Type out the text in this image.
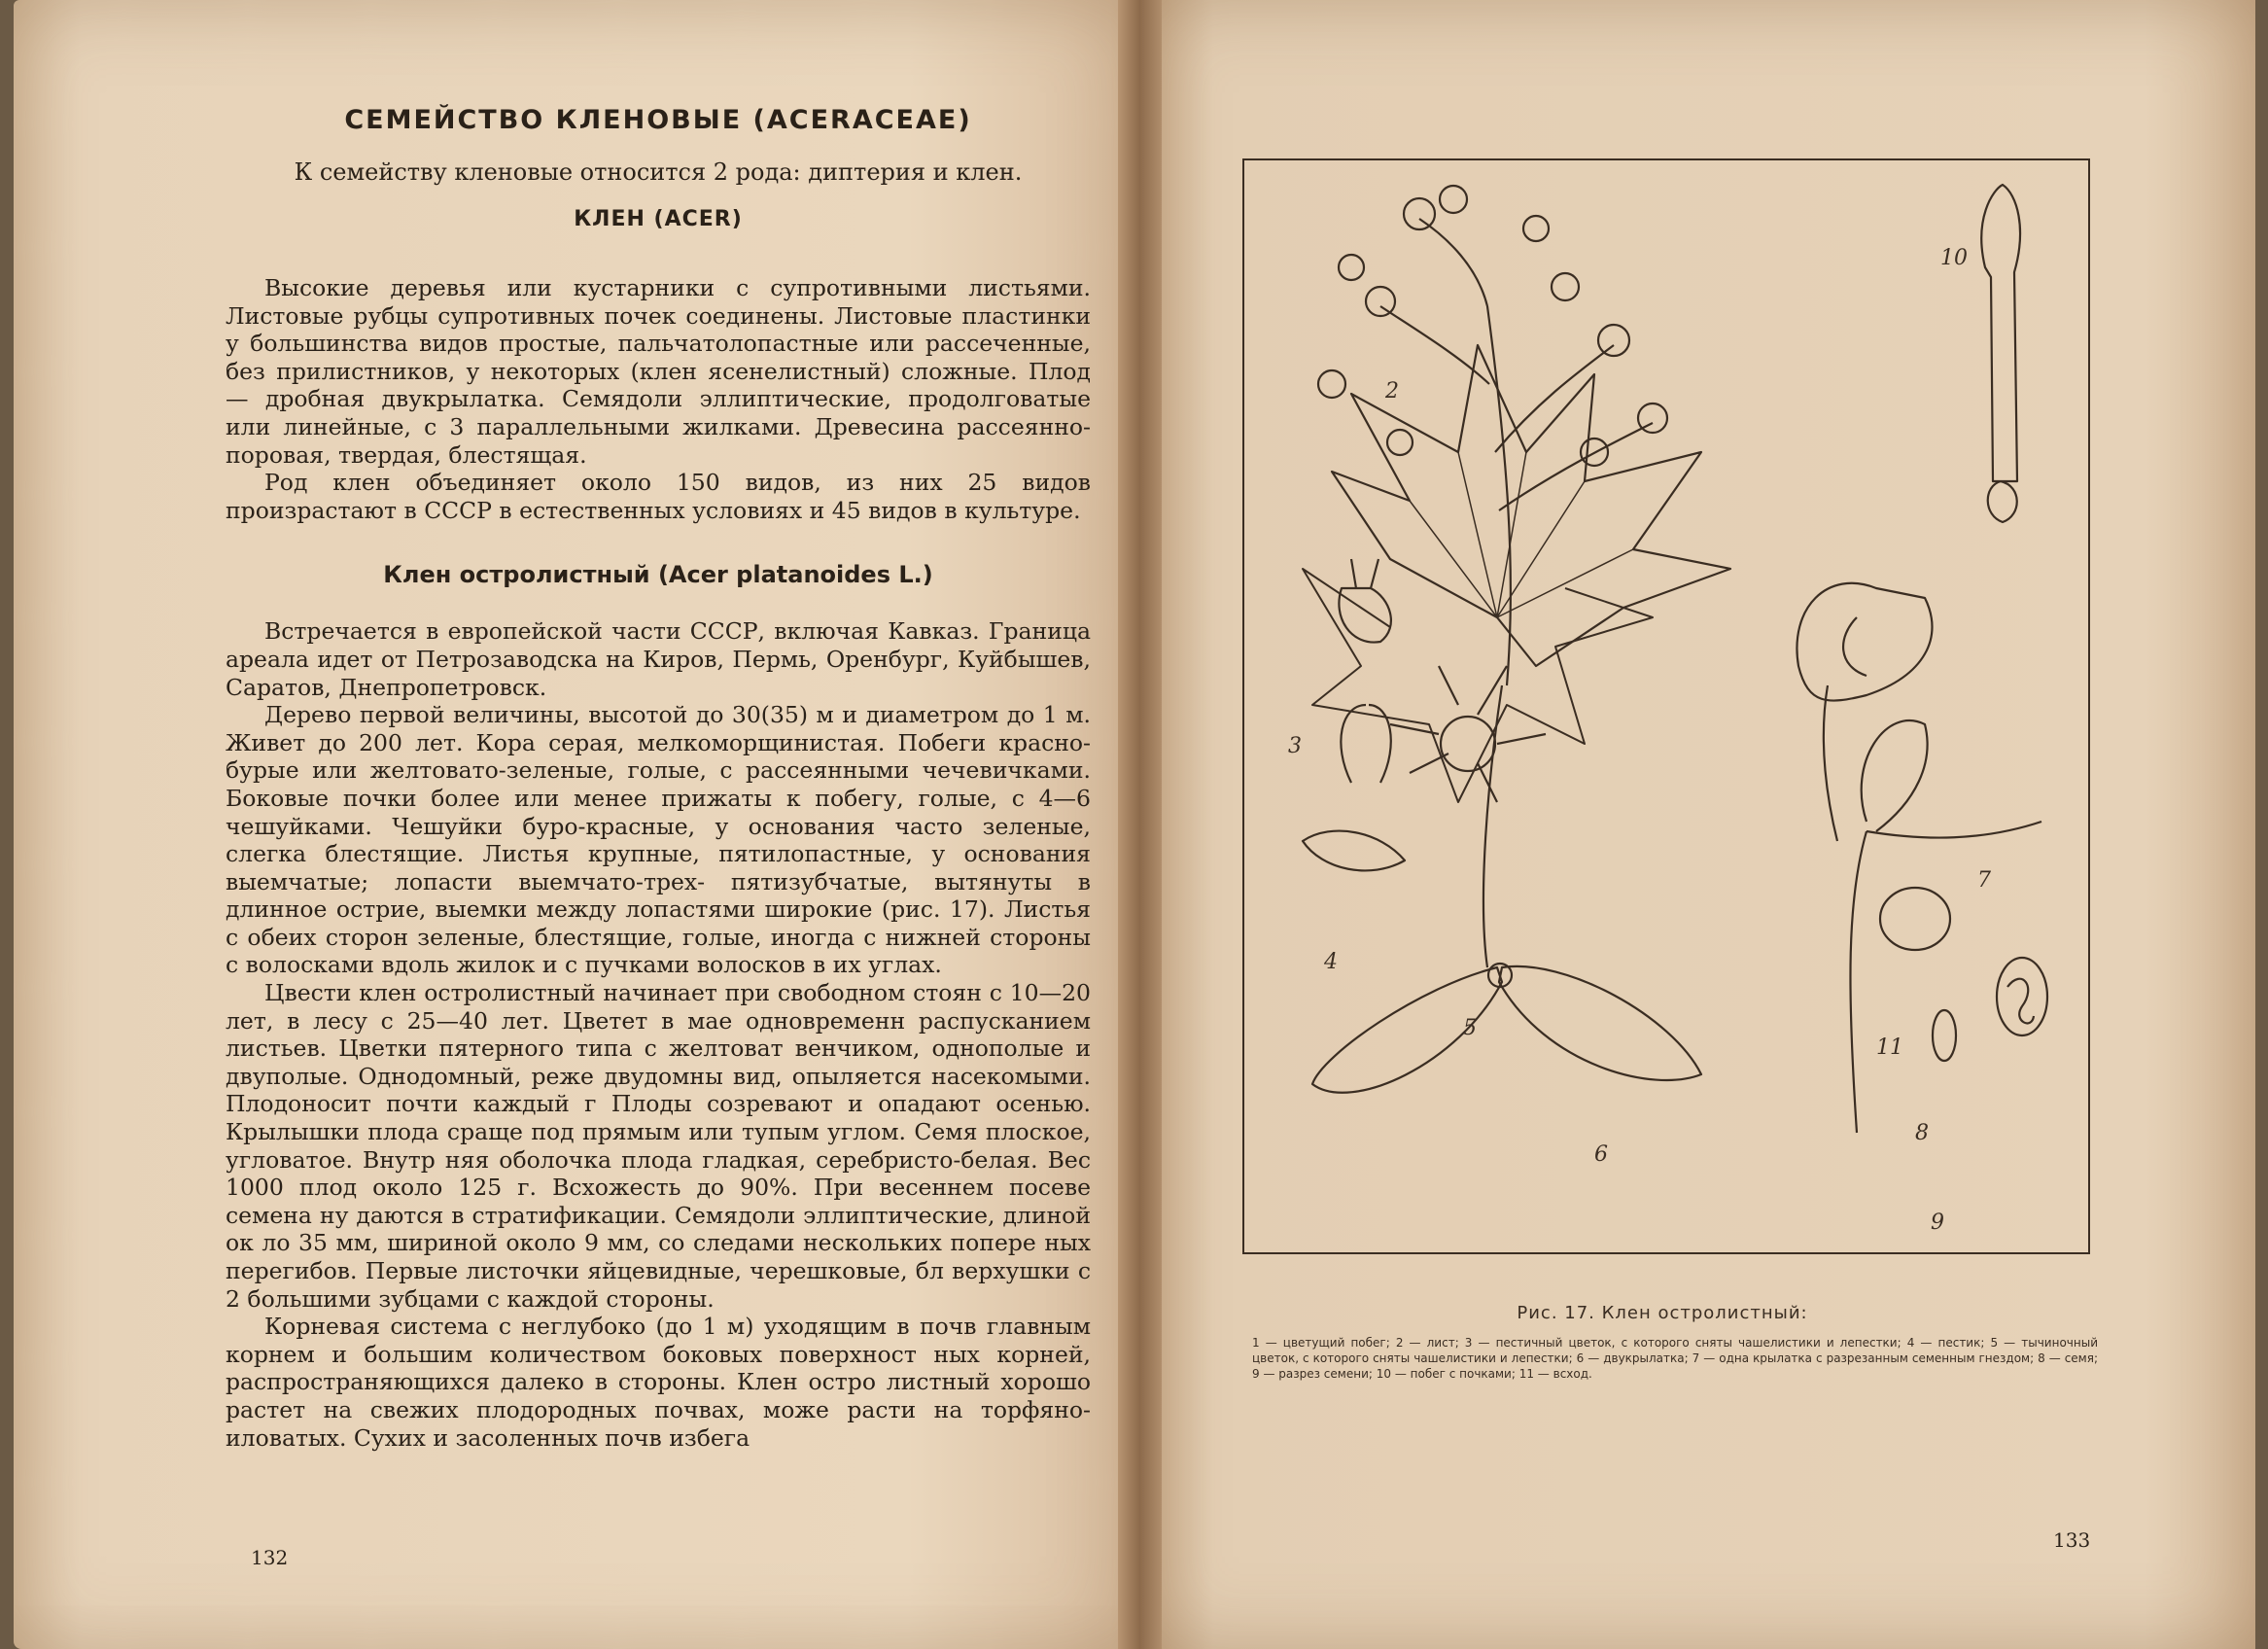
СЕМЕЙСТВО КЛЕНОВЫЕ (ACERACEAE)
К семейству кленовые относится 2 рода: диптерия и клен.
КЛЕН (ACER)

Высокие деревья или кустарники с супротивными листьями. Листовые рубцы супротивных почек соединены. Листовые пластинки у большинства видов простые, пальчатолопастные или рассеченные, без прилистников, у некоторых (клен ясенелистный) сложные. Плод — дробная двукрылатка. Семядоли эллиптические, продолговатые или линейные, с 3 параллельными жилками. Древесина рассеяннопоровая, твердая, блестящая.

Род клен объединяет около 150 видов, из них 25 видов произрастают в СССР в естественных условиях и 45 видов в культуре.

Клен остролистный (Acer platanoides L.)

Встречается в европейской части СССР, включая Кавказ. Граница ареала идет от Петрозаводска на Киров, Пермь, Оренбург, Куйбышев, Саратов, Днепропетровск.

Дерево первой величины, высотой до 30(35) м и диаметром до 1 м. Живет до 200 лет. Кора серая, мелкоморщинистая. Побеги красно-бурые или желтовато-зеленые, голые, с рассеянными чечевичками. Боковые почки более или менее прижаты к побегу, голые, с 4—6 чешуйками. Чешуйки буро-красные, у основания часто зеленые, слегка блестящие. Листья крупные, пятилопастные, у основания выемчатые; лопасти выемчато-трех- пятизубчатые, вытянуты в длинное острие, выемки между лопастями широкие (рис. 17). Листья с обеих сторон зеленые, блестящие, голые, иногда с нижней стороны с волосками вдоль жилок и с пучками волосков в их углах.

Цвести клен остролистный начинает при свободном стоян с 10—20 лет, в лесу с 25—40 лет. Цветет в мае одновременн распусканием листьев. Цветки пятерного типа с желтоват венчиком, однополые и двуполые. Однодомный, реже двудомны вид, опыляется насекомыми. Плодоносит почти каждый г Плоды созревают и опадают осенью. Крылышки плода сраще под прямым или тупым углом. Семя плоское, угловатое. Внутр няя оболочка плода гладкая, серебристо-белая. Вес 1000 плод около 125 г. Всхожесть до 90%. При весеннем посеве семена ну даются в стратификации. Семядоли эллиптические, длиной ок ло 35 мм, шириной около 9 мм, со следами нескольких попере ных перегибов. Первые листочки яйцевидные, черешковые, бл верхушки с 2 большими зубцами с каждой стороны.

Корневая система с неглубоко (до 1 м) уходящим в почв главным корнем и большим количеством боковых поверхност ных корней, распространяющихся далеко в стороны. Клен остро листный хорошо растет на свежих плодородных почвах, може расти на торфяно-иловатых. Сухих и засоленных почв избега

132
2
3
4
5
6
7
8
9
10
11
Рис. 17. Клен остролистный:
1 — цветущий побег; 2 — лист; 3 — пестичный цветок, с которого сняты чашелистики и лепестки; 4 — пестик; 5 — тычиночный цветок, с которого сняты чашелистики и лепестки; 6 — двукрылатка; 7 — одна крылатка с разрезанным семенным гнездом; 8 — семя; 9 — разрез семени; 10 — побег с почками; 11 — всход.
133
